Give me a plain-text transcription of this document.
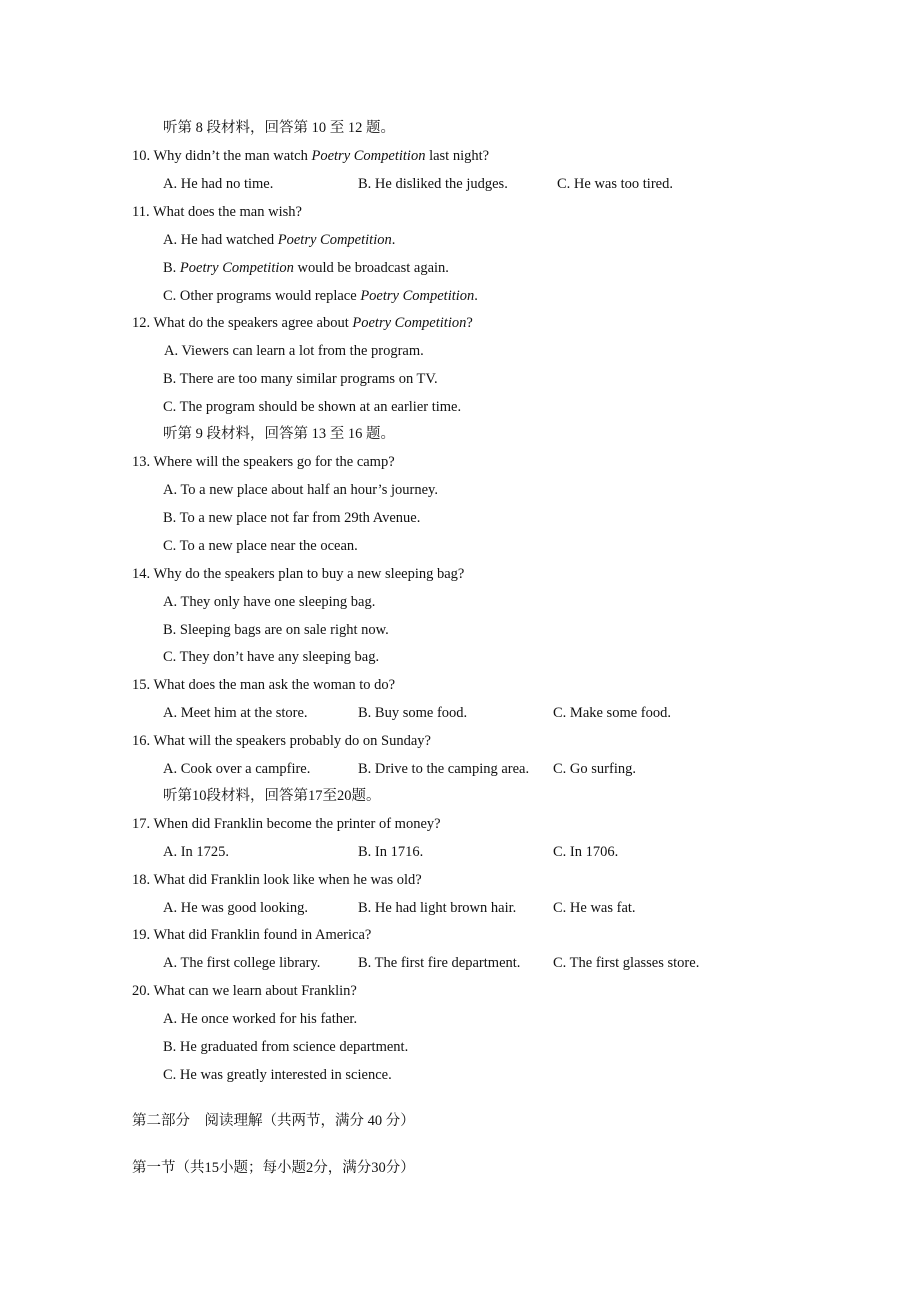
听第 8 段材料，回答第 10 至 12 题。
10. Why didn’t the man watch Poetry Competition last night?
A. He had no time.	B. He disliked the judges.	C. He was too tired.
11. What does the man wish?
A. He had watched Poetry Competition.
B. Poetry Competition would be broadcast again.
C. Other programs would replace Poetry Competition.
12. What do the speakers agree about Poetry Competition?
A. Viewers can learn a lot from the program.
B. There are too many similar programs on TV.
C. The program should be shown at an earlier time.
听第 9 段材料，回答第 13 至 16 题。
13. Where will the speakers go for the camp?
A. To a new place about half an hour’s journey.
B. To a new place not far from 29th Avenue.
C. To a new place near the ocean.
14. Why do the speakers plan to buy a new sleeping bag?
A. They only have one sleeping bag.
B. Sleeping bags are on sale right now.
C. They don’t have any sleeping bag.
15. What does the man ask the woman to do?
A. Meet him at the store.	B. Buy some food.	C. Make some food.
16. What will the speakers probably do on Sunday?
A. Cook over a campfire.	B. Drive to the camping area. C. Go surfing.
听第10段材料，回答第17至20题。
17. When did Franklin become the printer of money?
A. In 1725.	B. In 1716.	C. In 1706.
18. What did Franklin look like when he was old?
A. He was good looking.	B. He had light brown hair.	C. He was fat.
19. What did Franklin found in America?
A. The first college library.	B. The first fire department. C. The first glasses store.
20. What can we learn about Franklin?
A. He once worked for his father.
B. He graduated from science department.
C. He was greatly interested in science.
第二部分　阅读理解（共两节，满分 40 分）
第一节（共15小题；每小题2分，满分30分）
